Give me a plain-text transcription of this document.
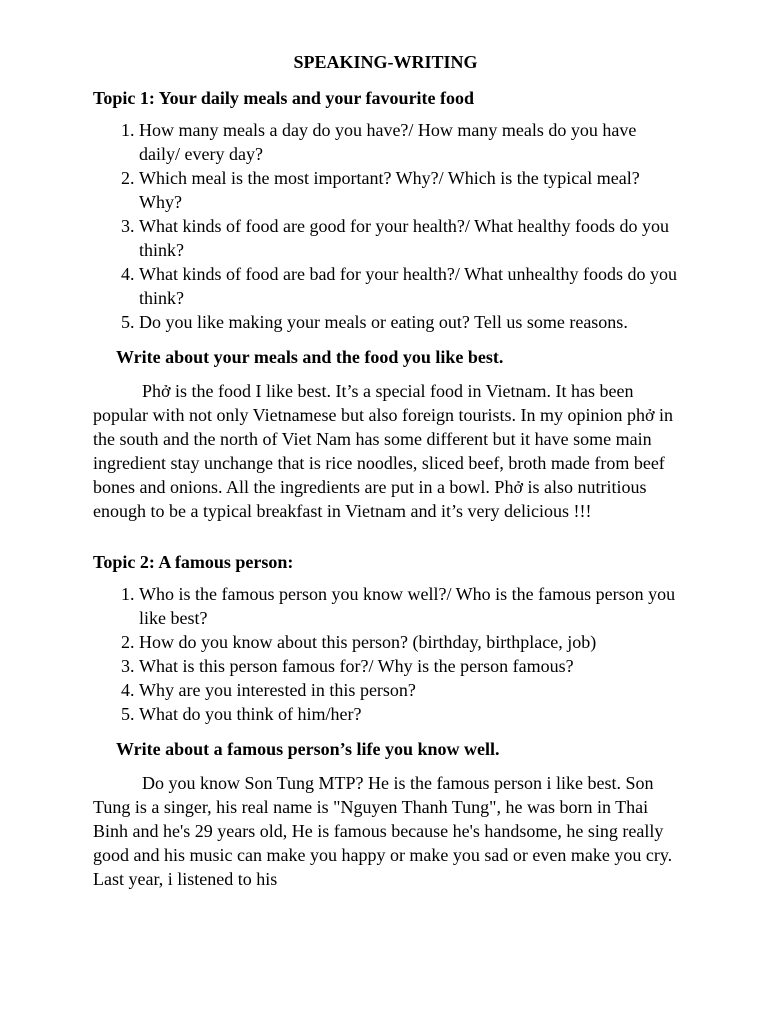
SPEAKING-WRITING
Topic 1: Your daily meals and your favourite food
1. How many meals a day do you have?/ How many meals do you have daily/ every day?
2. Which meal is the most important? Why?/ Which is the typical meal? Why?
3. What kinds of food are good for your health?/ What healthy foods do you think?
4. What kinds of food are bad for your health?/ What unhealthy foods do you think?
5. Do you like making your meals or eating out? Tell us some reasons.
Write about your meals and the food you like best.

Phở is the food I like best. It’s a special food in Vietnam. It has been popular with not only Vietnamese but also foreign tourists. In my opinion phở in the south and the north of Viet Nam has some different but it have some main ingredient stay unchange that is rice noodles, sliced beef, broth made from beef bones and onions. All the ingredients are put in a bowl. Phở is also nutritious enough to be a typical breakfast in Vietnam and it’s very delicious !!!

Topic 2: A famous person:
1. Who is the famous person you know well?/ Who is the famous person you like best?
2. How do you know about this person? (birthday, birthplace, job)
3. What is this person famous for?/ Why is the person famous?
4. Why are you interested in this person?
5. What do you think of him/her?
Write about a famous person’s life you know well.

Do you know Son Tung MTP? He is the famous person i like best. Son Tung is a singer, his real name is "Nguyen Thanh Tung", he was born in Thai Binh and he's 29 years old, He is famous because he's handsome, he sing really good and his music can make you happy or make you sad or even make you cry. Last year, i listened to his
